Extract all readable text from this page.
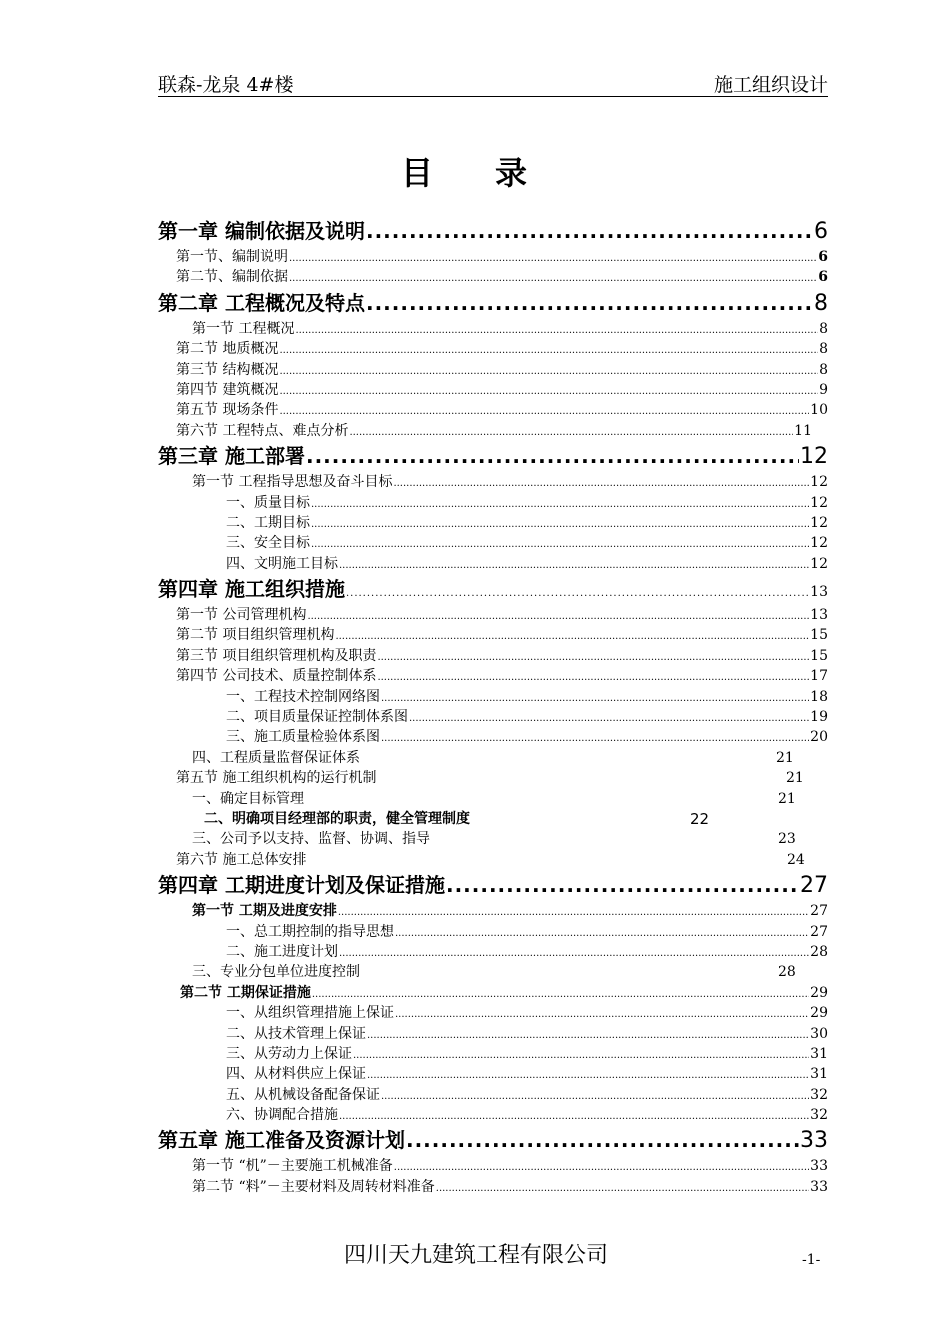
联森-龙泉 4#楼	施工组织设计
目录
第一章 编制依据及说明 .....	6
第一节、编制说明 .....	6
第二节、编制依据 .....	6
第二章 工程概况及特点 .....	8
第一节 工程概况 .....	8
第二节 地质概况 .....	8
第三节 结构概况 .....	8
第四节 建筑概况 .....	9
第五节 现场条件 .....	10
第六节 工程特点、难点分析 .....	11
第三章 施工部署 .....	12
第一节 工程指导思想及奋斗目标 .....	12
一、质量目标 .....	12
二、工期目标 .....	12
三、安全目标 .....	12
四、文明施工目标 .....	12
第四章 施工组织措施 .....	13
第一节 公司管理机构 .....	13
第二节 项目组织管理机构 .....	15
第三节 项目组织管理机构及职责 .....	15
第四节 公司技术、质量控制体系 .....	17
一、工程技术控制网络图 .....	18
二、项目质量保证控制体系图 .....	19
三、施工质量检验体系图 .....	20
四、工程质量监督保证体系	21
第五节 施工组织机构的运行机制	21
一、确定目标管理	21
二、明确项目经理部的职责，健全管理制度	22
三、公司予以支持、监督、协调、指导	23
第六节 施工总体安排	24
第四章 工期进度计划及保证措施 .....	27
第一节 工期及进度安排 .....	27
一、总工期控制的指导思想 .....	27
二、施工进度计划 .....	28
三、专业分包单位进度控制	28
第二节 工期保证措施 .....	29
一、从组织管理措施上保证 .....	29
二、从技术管理上保证 .....	30
三、从劳动力上保证 .....	31
四、从材料供应上保证 .....	31
五、从机械设备配备保证 .....	32
六、协调配合措施 .....	32
第五章 施工准备及资源计划 .....	33
第一节 “机”－主要施工机械准备 .....	33
第二节 “料”－主要材料及周转材料准备 .....	33
四川天九建筑工程有限公司	-1-
